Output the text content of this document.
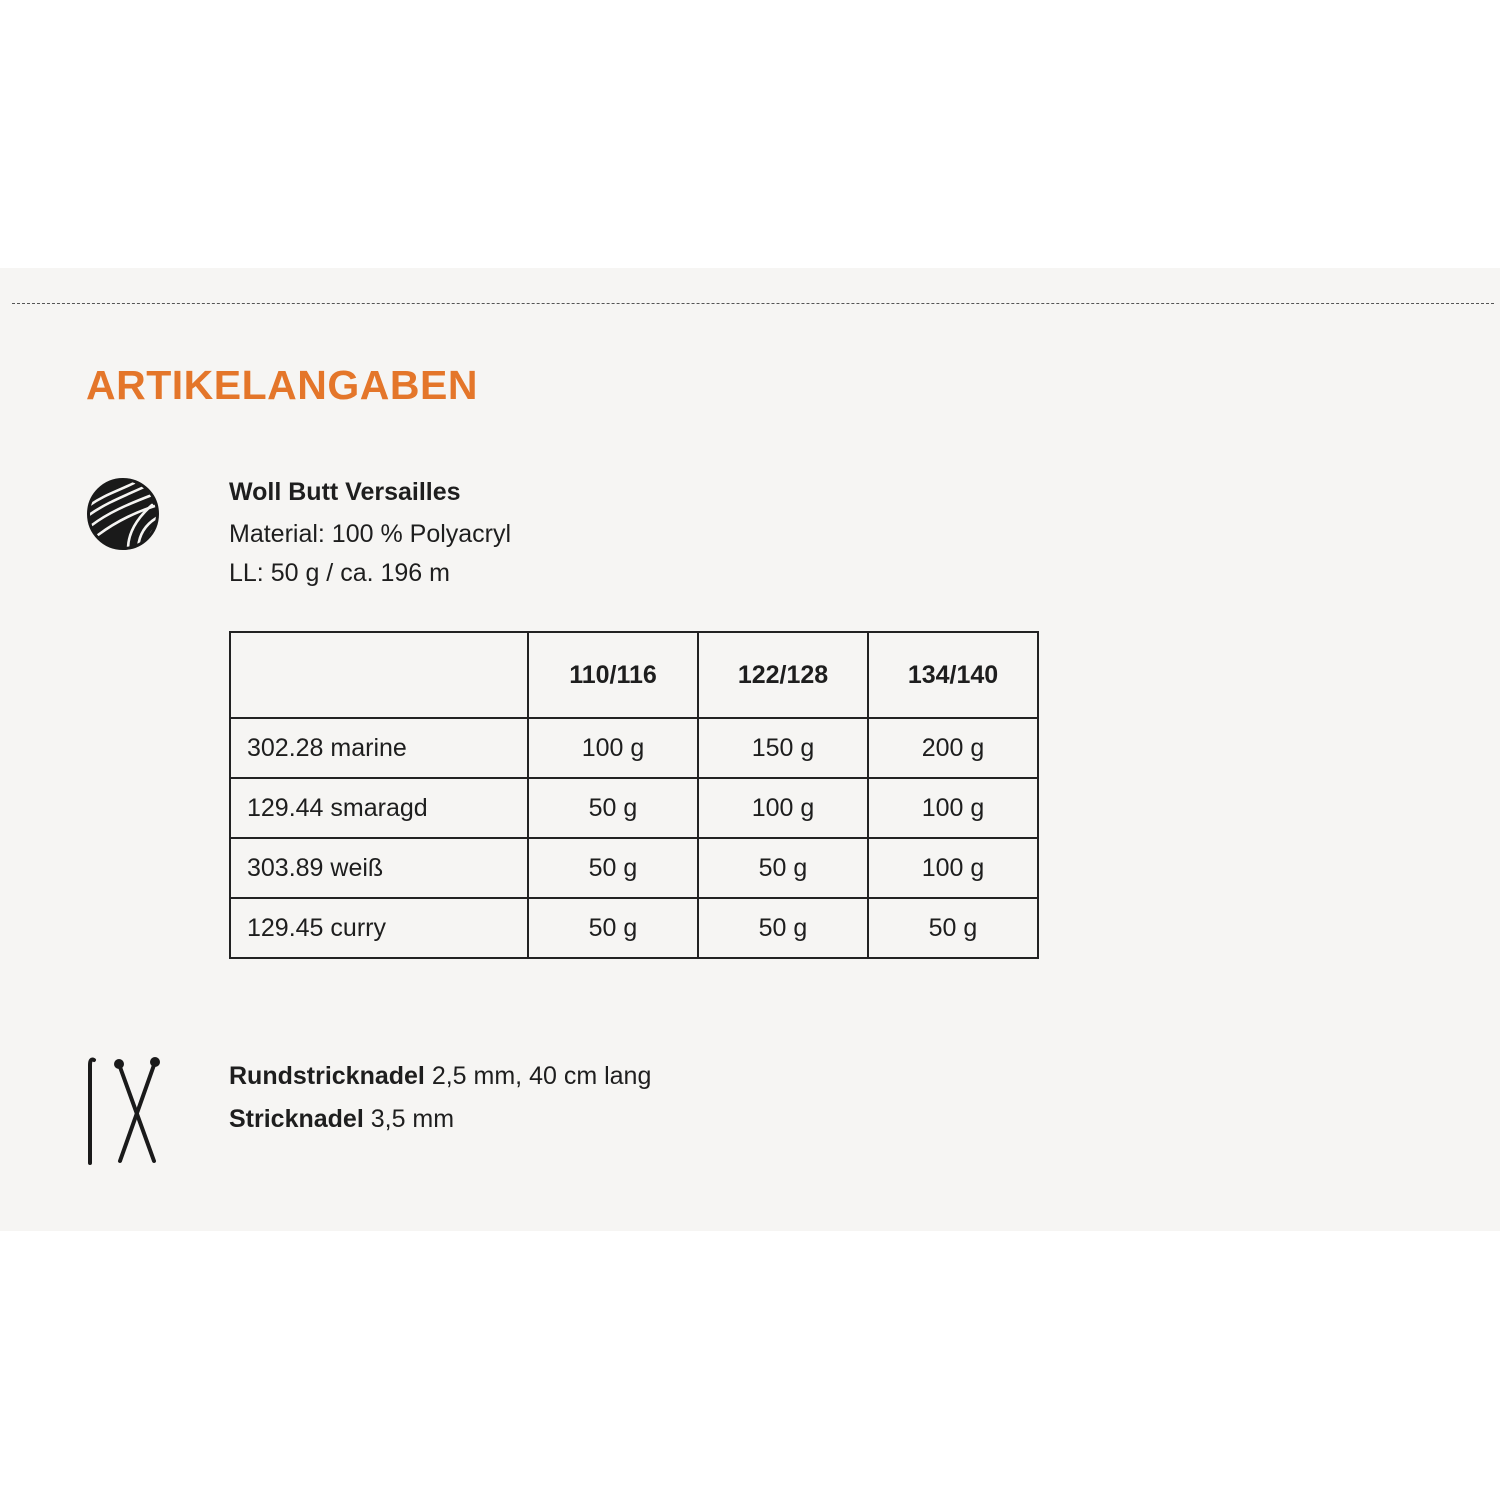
ARTIKELANGABEN
Woll Butt Versailles
Material: 100 % Polyacryl
LL: 50 g / ca. 196 m
	110/116	122/128	134/140
302.28 marine	100 g	150 g	200 g
129.44 smaragd	50 g	100 g	100 g
303.89 weiß	50 g	50 g	100 g
129.45 curry	50 g	50 g	50 g
Rundstricknadel 2,5 mm, 40 cm lang
Stricknadel 3,5 mm
